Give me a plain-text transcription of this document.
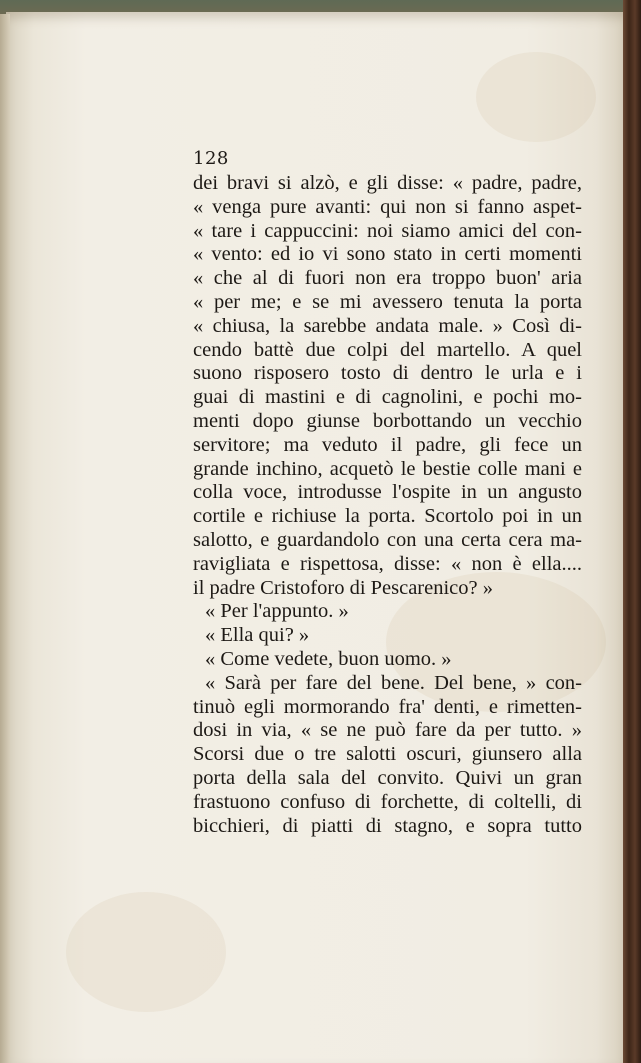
128
dei bravi si alzò, e gli disse: « padre, padre,
« venga pure avanti: qui non si fanno aspet-
« tare i cappuccini: noi siamo amici del con-
« vento: ed io vi sono stato in certi momenti
« che al di fuori non era troppo buon' aria
« per me; e se mi avessero tenuta la porta
« chiusa, la sarebbe andata male. » Così di-
cendo battè due colpi del martello. A quel
suono risposero tosto di dentro le urla e i
guai di mastini e di cagnolini, e pochi mo-
menti dopo giunse borbottando un vecchio
servitore; ma veduto il padre, gli fece un
grande inchino, acquetò le bestie colle mani e
colla voce, introdusse l'ospite in un angusto
cortile e richiuse la porta. Scortolo poi in un
salotto, e guardandolo con una certa cera ma-
ravigliata e rispettosa, disse: « non è ella....
il padre Cristoforo di Pescarenico? »
« Per l'appunto. »
« Ella qui? »
« Come vedete, buon uomo. »
« Sarà per fare del bene. Del bene, » con-
tinuò egli mormorando fra' denti, e rimetten-
dosi in via, « se ne può fare da per tutto. »
Scorsi due o tre salotti oscuri, giunsero alla
porta della sala del convito. Quivi un gran
frastuono confuso di forchette, di coltelli, di
bicchieri, di piatti di stagno, e sopra tutto
